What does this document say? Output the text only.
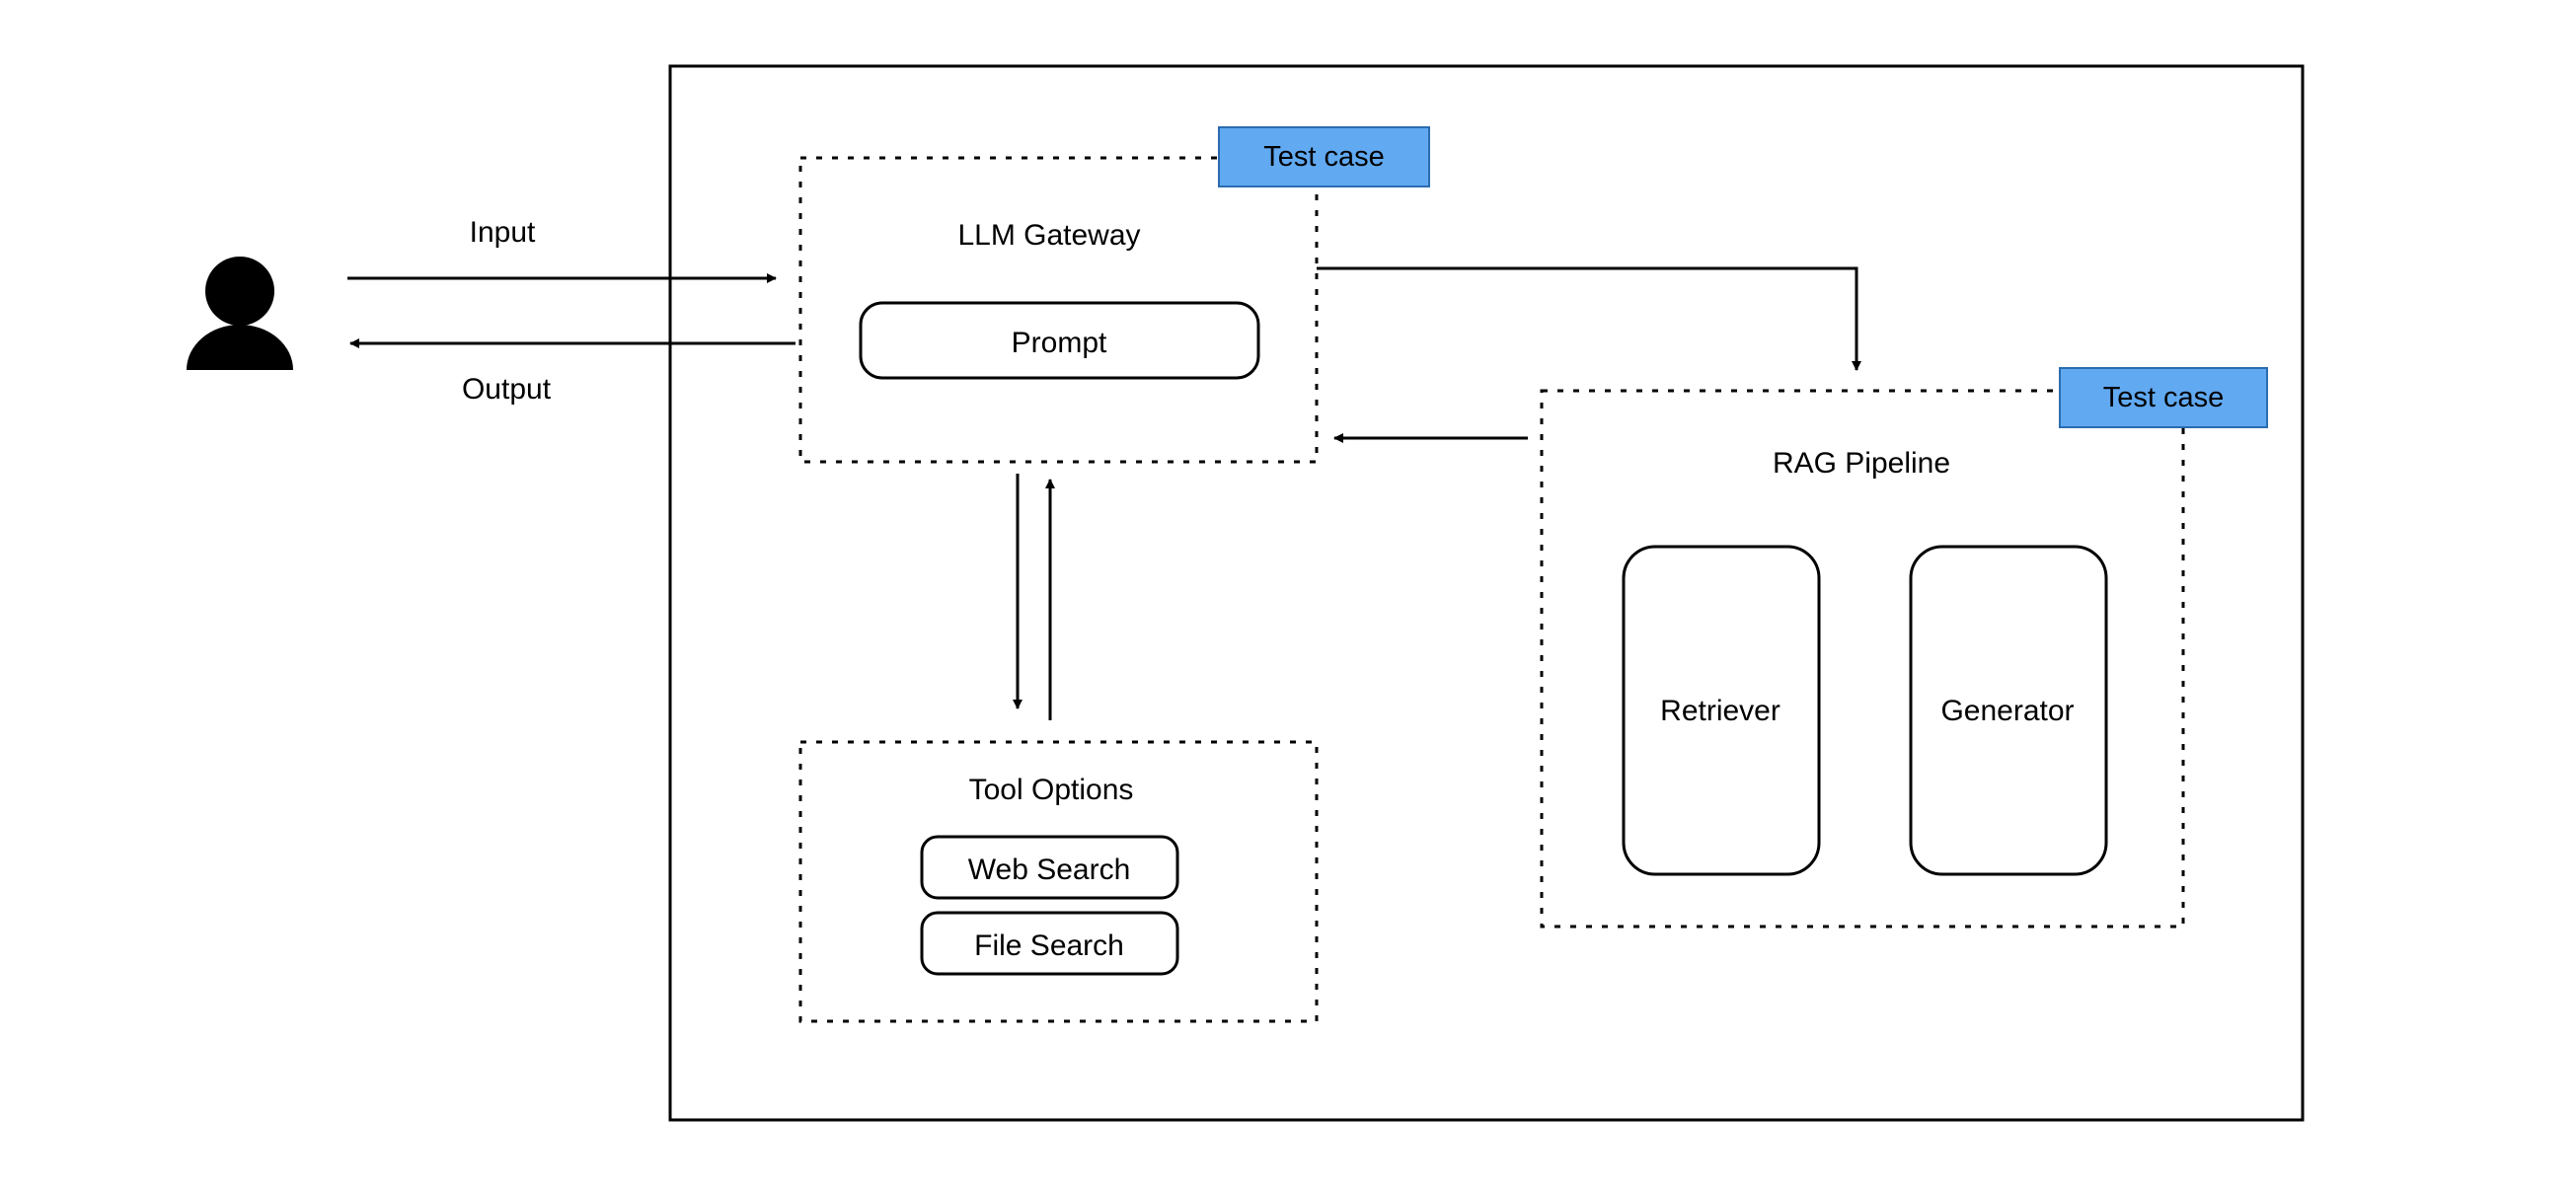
Input
Output
LLM Gateway
Prompt
Tool Options
Web Search
File Search
RAG Pipeline
Retriever	Generator
Test case
Test case
